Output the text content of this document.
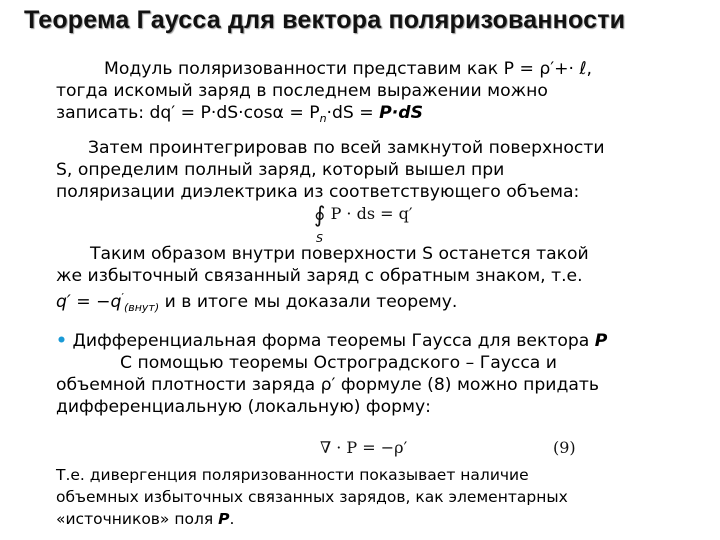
Теорема Гаусса для вектора поляризованности
Модуль поляризованности представим как P = ρ′+· ℓ,
тогда искомый заряд в последнем выражении можно
записать: $dq' = P\cdot dS\cdot\cos\alpha = P_n\cdot dS = P\cdot dS$
Затем проинтегрировав по всей замкнутой поверхности
S, определим полный заряд, который вышел при
поляризации диэлектрика из соответствующего объема:
∮ P · ds = q′
S
Таким образом внутри поверхности S останется такой
же избыточный связанный заряд с обратным знаком, т.е.
$q' = -q'_{(внут)}$ и в итоге мы доказали теорему.
• Дифференциальная форма теоремы Гаусса для вектора P
С помощью теоремы Остроградского – Гаусса и
объемной плотности заряда ρ′ формуле (8) можно придать
дифференциальную (локальную) форму:
∇ · P = −ρ′	(9)
Т.е. дивергенция поляризованности показывает наличие
объемных избыточных связанных зарядов, как элементарных
«источников» поля P.
